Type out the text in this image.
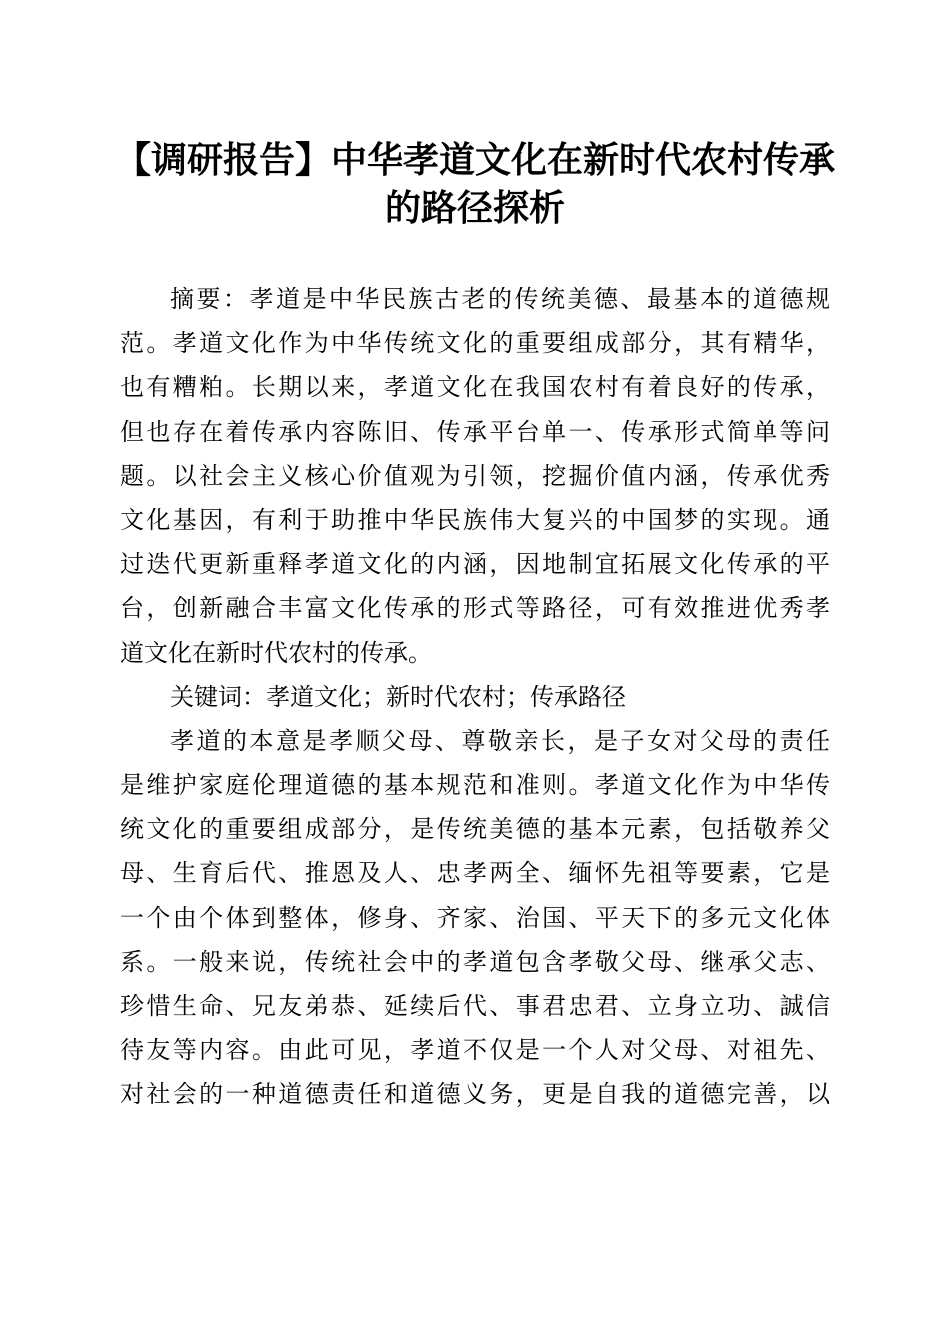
【调研报告】中华孝道文化在新时代农村传承
的路径探析
摘要：孝道是中华民族古老的传统美德、最基本的道德规
范。孝道文化作为中华传统文化的重要组成部分，其有精华，
也有糟粕。长期以来，孝道文化在我国农村有着良好的传承，
但也存在着传承内容陈旧、传承平台单一、传承形式简单等问
题。以社会主义核心价值观为引领，挖掘价值内涵，传承优秀
文化基因，有利于助推中华民族伟大复兴的中国梦的实现。通
过迭代更新重释孝道文化的内涵，因地制宜拓展文化传承的平
台，创新融合丰富文化传承的形式等路径，可有效推进优秀孝
道文化在新时代农村的传承。
关键词：孝道文化；新时代农村；传承路径
孝道的本意是孝顺父母、尊敬亲长，是子女对父母的责任
是维护家庭伦理道德的基本规范和准则。孝道文化作为中华传
统文化的重要组成部分，是传统美德的基本元素，包括敬养父
母、生育后代、推恩及人、忠孝两全、缅怀先祖等要素，它是
一个由个体到整体，修身、齐家、治国、平天下的多元文化体
系。一般来说，传统社会中的孝道包含孝敬父母、继承父志、
珍惜生命、兄友弟恭、延续后代、事君忠君、立身立功、誠信
待友等内容。由此可见，孝道不仅是一个人对父母、对祖先、
对社会的一种道德责任和道德义务，更是自我的道德完善，以
